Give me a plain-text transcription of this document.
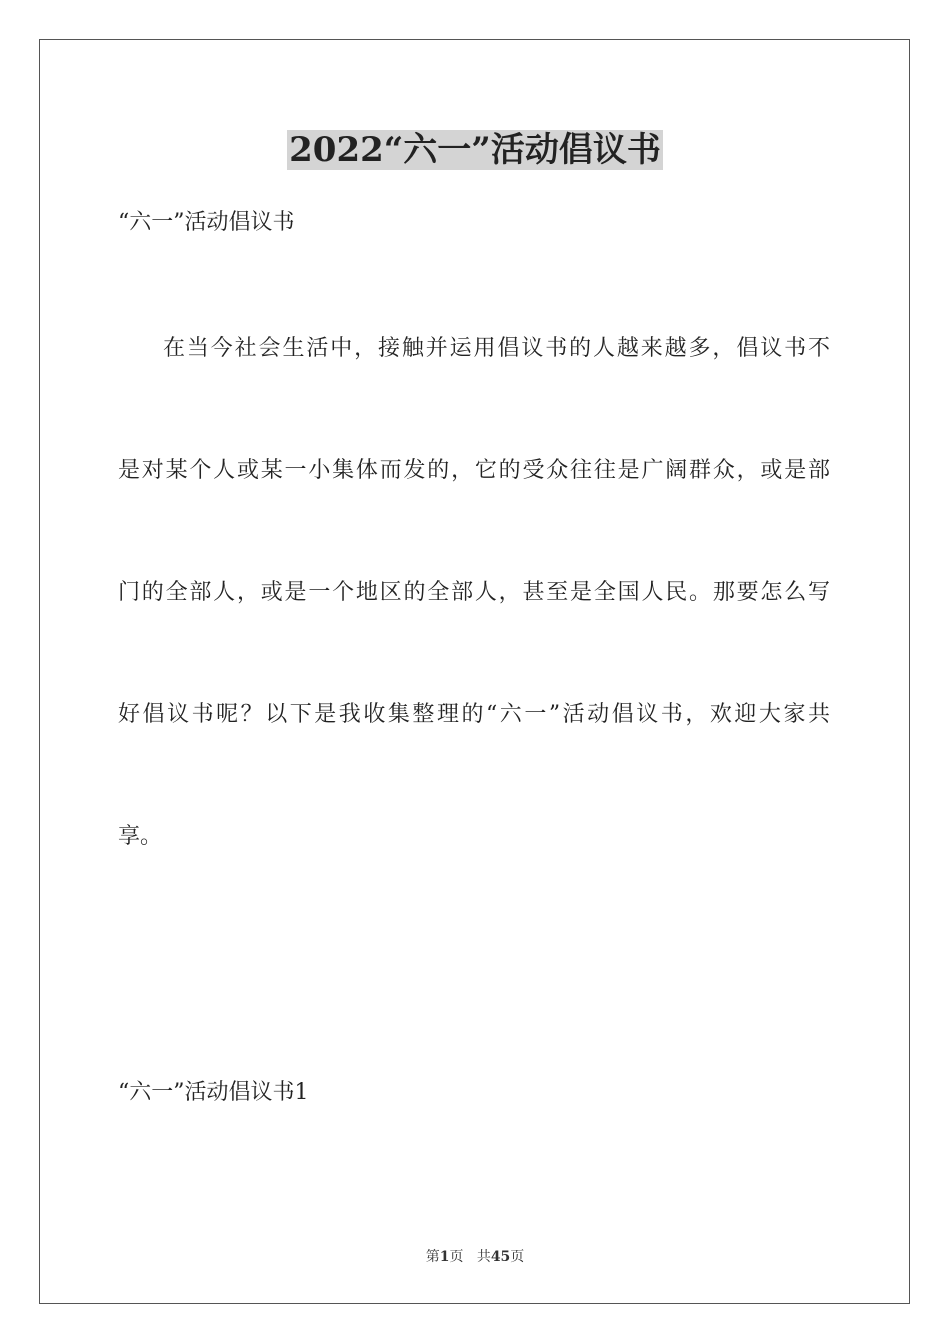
2022“六一”活动倡议书

“六一”活动倡议书

在当今社会生活中，接触并运用倡议书的人越来越多，倡议书不

是对某个人或某一小集体而发的，它的受众往往是广阔群众，或是部

门的全部人，或是一个地区的全部人，甚至是全国人民。那要怎么写

好倡议书呢？以下是我收集整理的“六一”活动倡议书，欢迎大家共

享。

“六一”活动倡议书1

第1页 共45页
